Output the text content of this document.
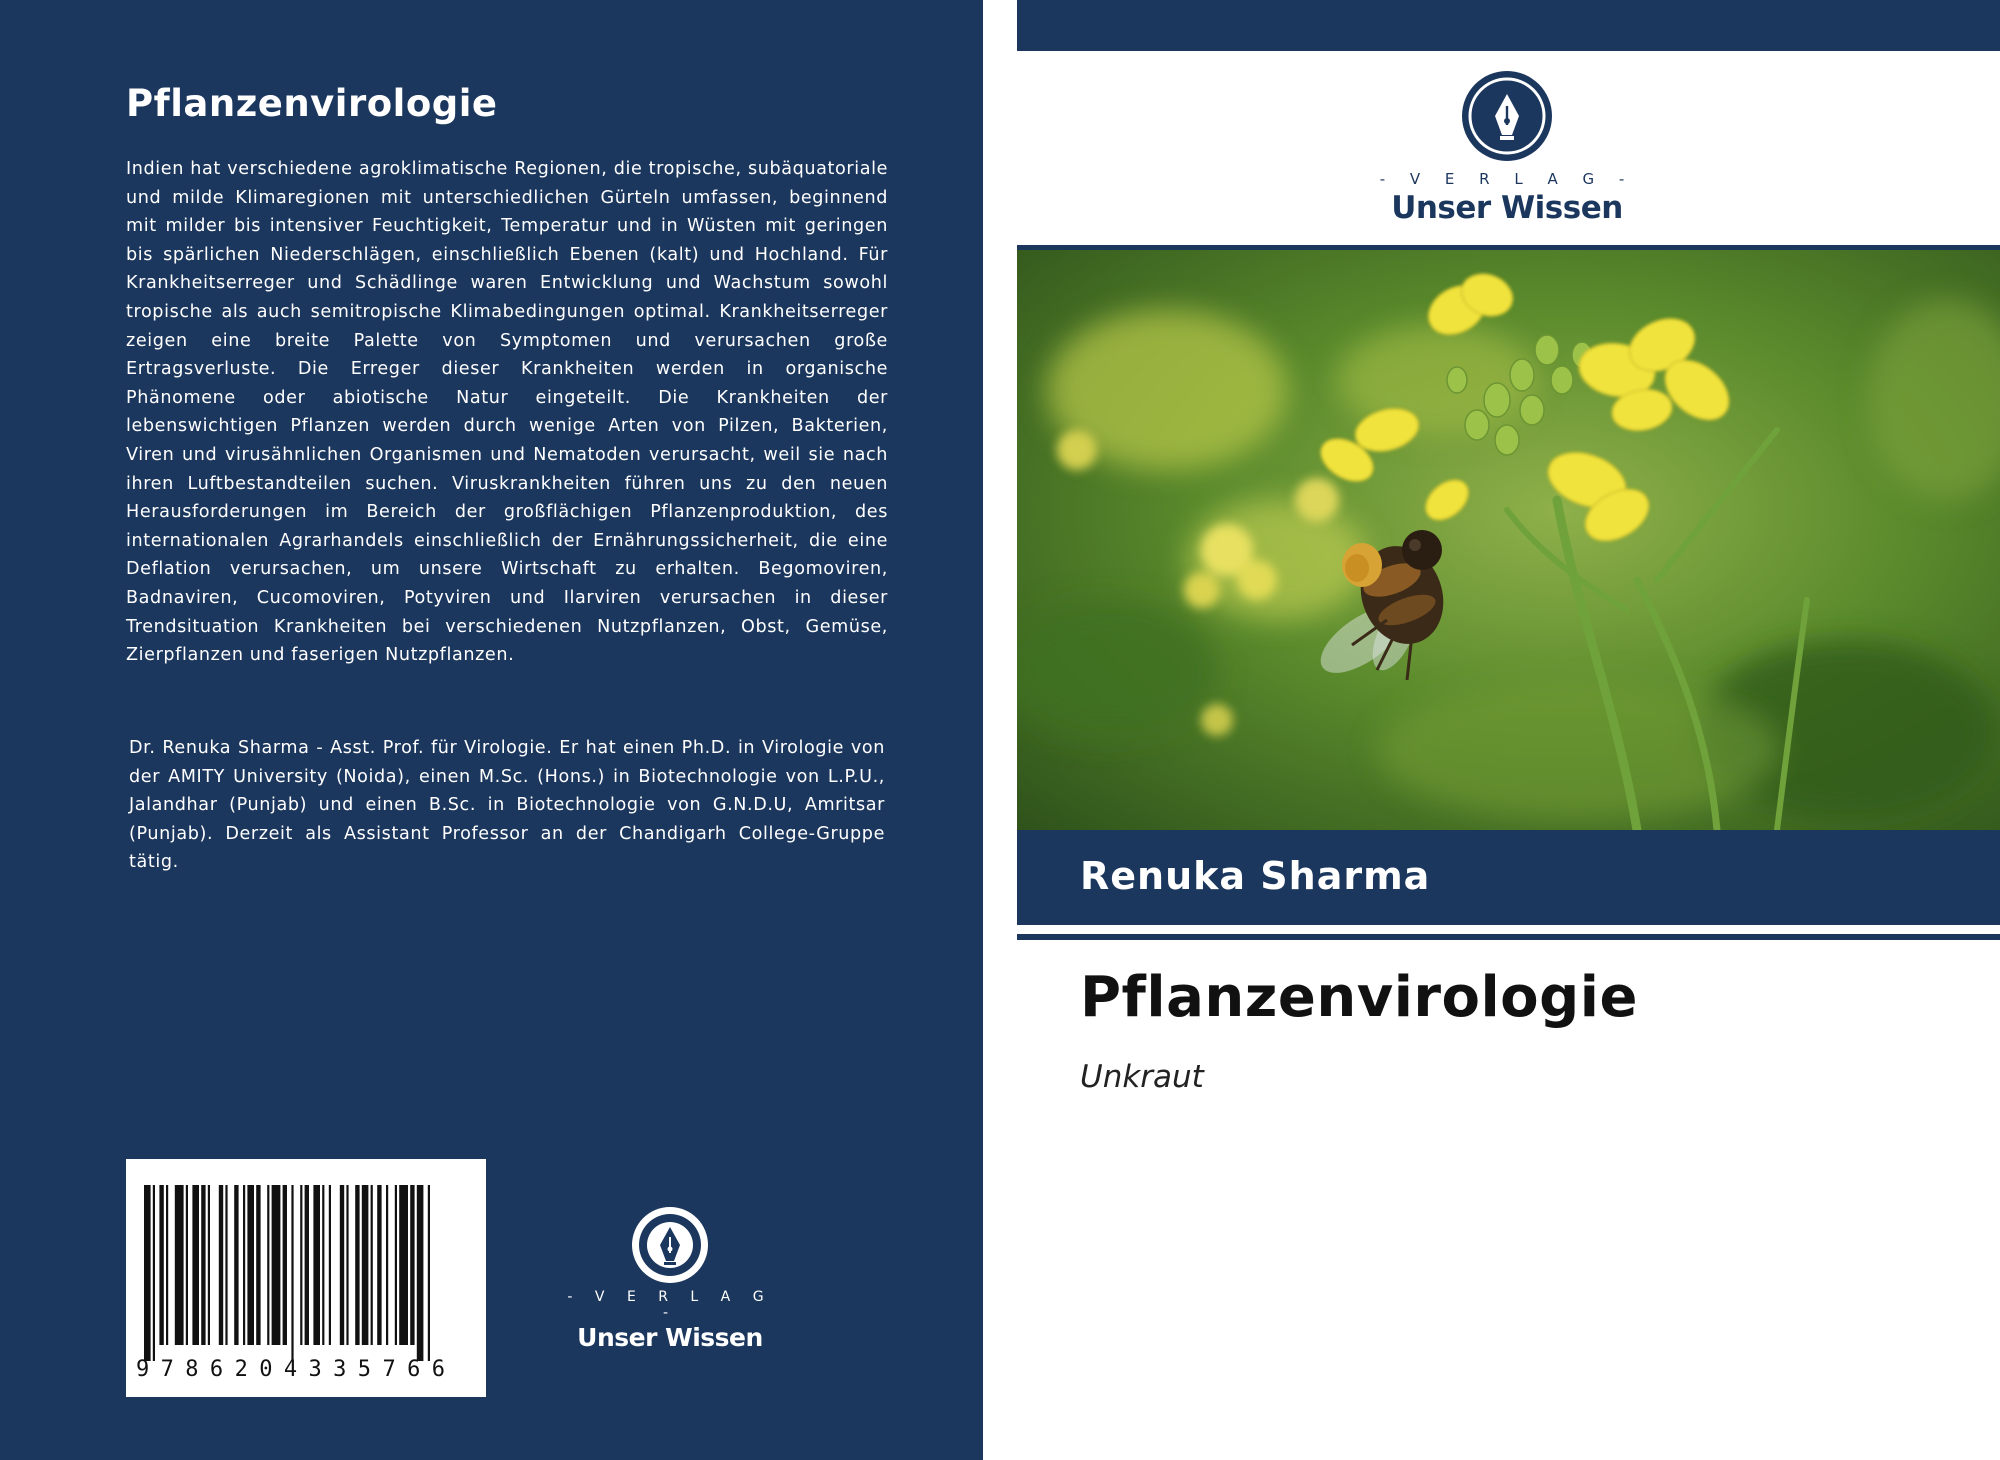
Pflanzenvirologie

Indien hat verschiedene agroklimatische Regionen, die tropische, subäquatoriale und milde Klimaregionen mit unterschiedlichen Gürteln umfassen, beginnend mit milder bis intensiver Feuchtigkeit, Temperatur und in Wüsten mit geringen bis spärlichen Niederschlägen, einschließlich Ebenen (kalt) und Hochland. Für Krankheitserreger und Schädlinge waren Entwicklung und Wachstum sowohl tropische als auch semitropische Klimabedingungen optimal. Krankheitserreger zeigen eine breite Palette von Symptomen und verursachen große Ertragsverluste. Die Erreger dieser Krankheiten werden in organische Phänomene oder abiotische Natur eingeteilt. Die Krankheiten der lebenswichtigen Pflanzen werden durch wenige Arten von Pilzen, Bakterien, Viren und virusähnlichen Organismen und Nematoden verursacht, weil sie nach ihren Luftbestandteilen suchen. Viruskrankheiten führen uns zu den neuen Herausforderungen im Bereich der großflächigen Pflanzenproduktion, des internationalen Agrarhandels einschließlich der Ernährungssicherheit, die eine Deflation verursachen, um unsere Wirtschaft zu erhalten. Begomoviren, Badnaviren, Cucomoviren, Potyviren und Ilarviren verursachen in dieser Trendsituation Krankheiten bei verschiedenen Nutzpflanzen, Obst, Gemüse, Zierpflanzen und faserigen Nutzpflanzen.

Dr. Renuka Sharma - Asst. Prof. für Virologie. Er hat einen Ph.D. in Virologie von der AMITY University (Noida), einen M.Sc. (Hons.) in Biotechnologie von L.P.U., Jalandhar (Punjab) und einen B.Sc. in Biotechnologie von G.N.D.U, Amritsar (Punjab). Derzeit als Assistant Professor an der Chandigarh College-Gruppe tätig.

9786204335766
- V E R L A G -
Unser Wissen
- V E R L A G -
Unser Wissen
Renuka Sharma
Pflanzenvirologie

Unkraut
